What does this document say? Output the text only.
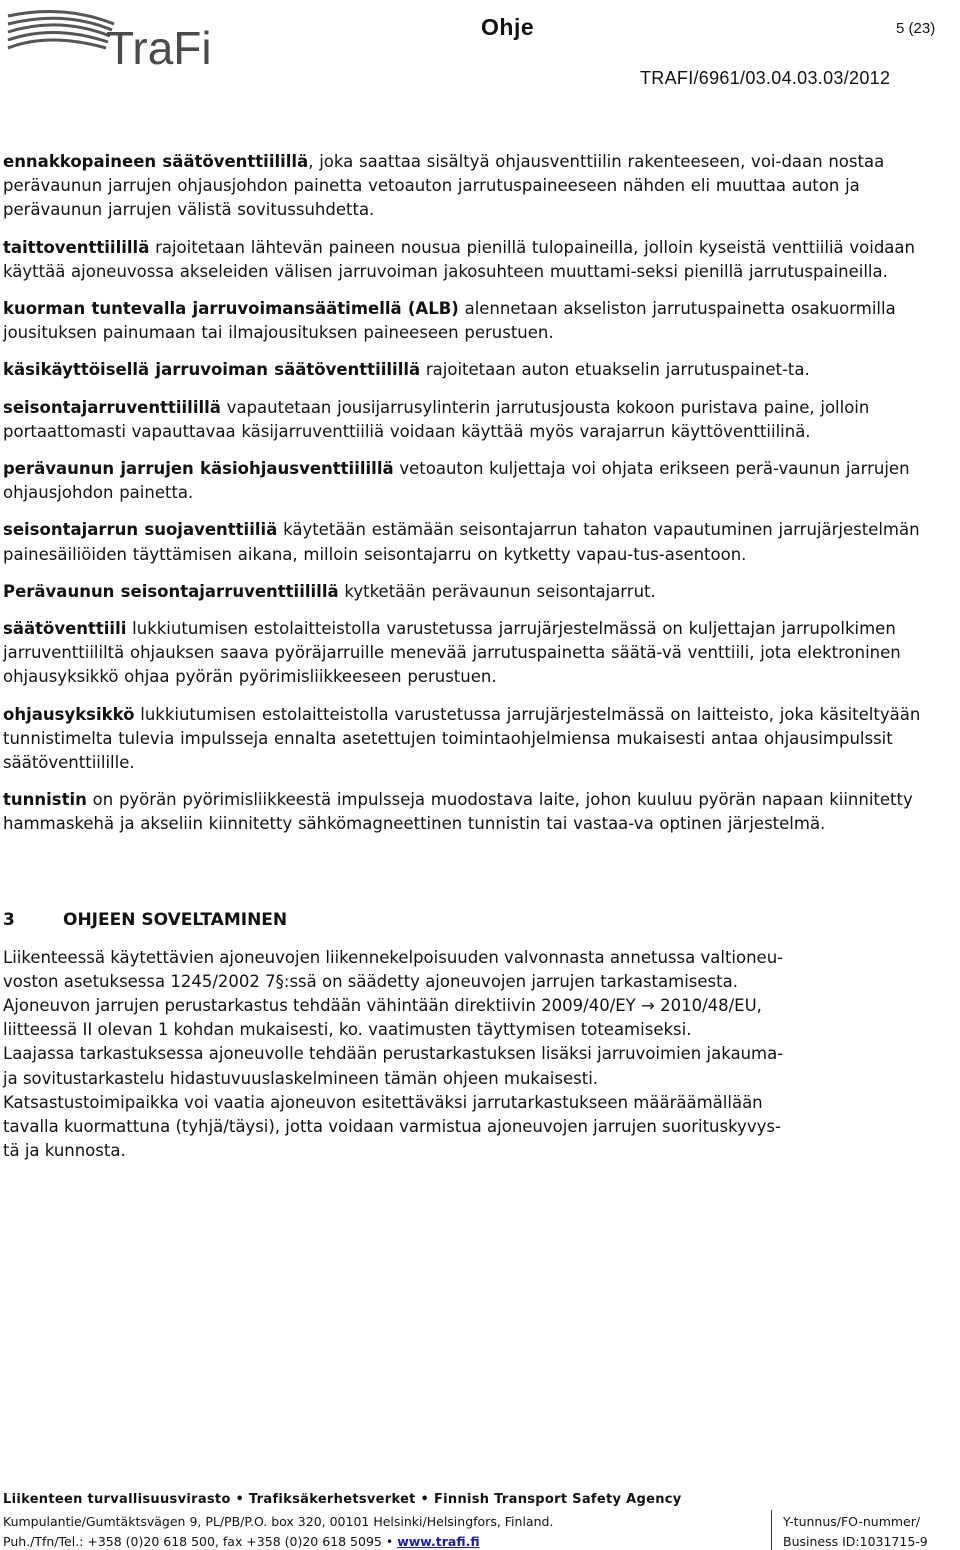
TraFi	Ohje	5 (23)
TRAFI/6961/03.04.03.03/2012

ennakkopaineen säätöventtiilillä, joka saattaa sisältyä ohjausventtiilin rakenteeseen, voi-daan nostaa perävaunun jarrujen ohjausjohdon painetta vetoauton jarrutuspaineeseen nähden eli muuttaa auton ja perävaunun jarrujen välistä sovitussuhdetta.

taittoventtiilillä rajoitetaan lähtevän paineen nousua pienillä tulopaineilla, jolloin kyseistä venttiiliä voidaan käyttää ajoneuvossa akseleiden välisen jarruvoiman jakosuhteen muuttami-seksi pienillä jarrutuspaineilla.

kuorman tuntevalla jarruvoimansäätimellä (ALB) alennetaan akseliston jarrutuspainetta osakuormilla jousituksen painumaan tai ilmajousituksen paineeseen perustuen.

käsikäyttöisellä jarruvoiman säätöventtiilillä rajoitetaan auton etuakselin jarrutuspainet-ta.

seisontajarruventtiilillä vapautetaan jousijarrusylinterin jarrutusjousta kokoon puristava paine, jolloin portaattomasti vapauttavaa käsijarruventtiiliä voidaan käyttää myös varajarrun käyttöventtiilinä.

perävaunun jarrujen käsiohjausventtiilillä vetoauton kuljettaja voi ohjata erikseen perä-vaunun jarrujen ohjausjohdon painetta.

seisontajarrun suojaventtiiliä käytetään estämään seisontajarrun tahaton vapautuminen jarrujärjestelmän painesäiliöiden täyttämisen aikana, milloin seisontajarru on kytketty vapau-tus-asentoon.

Perävaunun seisontajarruventtiilillä kytketään perävaunun seisontajarrut.

säätöventtiili lukkiutumisen estolaitteistolla varustetussa jarrujärjestelmässä on kuljettajan jarrupolkimen jarruventtiililtä ohjauksen saava pyöräjarruille menevää jarrutuspainetta säätä-vä venttiili, jota elektroninen ohjausyksikkö ohjaa pyörän pyörimisliikkeeseen perustuen.

ohjausyksikkö lukkiutumisen estolaitteistolla varustetussa jarrujärjestelmässä on laitteisto, joka käsiteltyään tunnistimelta tulevia impulsseja ennalta asetettujen toimintaohjelmiensa mukaisesti antaa ohjausimpulssit säätöventtiilille.

tunnistin on pyörän pyörimisliikkeestä impulsseja muodostava laite, johon kuuluu pyörän napaan kiinnitetty hammaskehä ja akseliin kiinnitetty sähkömagneettinen tunnistin tai vastaa-va optinen järjestelmä.

3	OHJEEN SOVELTAMINEN
Liikenteessä käytettävien ajoneuvojen liikennekelpoisuuden valvonnasta annetussa valtioneu-
voston asetuksessa 1245/2002 7§:ssä on säädetty ajoneuvojen jarrujen tarkastamisesta.
Ajoneuvon jarrujen perustarkastus tehdään vähintään direktiivin 2009/40/EY → 2010/48/EU,
liitteessä II olevan 1 kohdan mukaisesti, ko. vaatimusten täyttymisen toteamiseksi.
Laajassa tarkastuksessa ajoneuvolle tehdään perustarkastuksen lisäksi jarruvoimien jakauma-
ja sovitustarkastelu hidastuvuuslaskelmineen tämän ohjeen mukaisesti.
Katsastustoimipaikka voi vaatia ajoneuvon esitettäväksi jarrutarkastukseen määräämällään
tavalla kuormattuna (tyhjä/täysi), jotta voidaan varmistua ajoneuvojen jarrujen suorituskyvys-
tä ja kunnosta.
Liikenteen turvallisuusvirasto • Trafiksäkerhetsverket • Finnish Transport Safety Agency
Kumpulantie/Gumtäktsvägen 9, PL/PB/P.O. box 320, 00101 Helsinki/Helsingfors, Finland.
Puh./Tfn/Tel.: +358 (0)20 618 500, fax +358 (0)20 618 5095 • www.trafi.fi
Y-tunnus/FO-nummer/
Business ID:1031715-9
